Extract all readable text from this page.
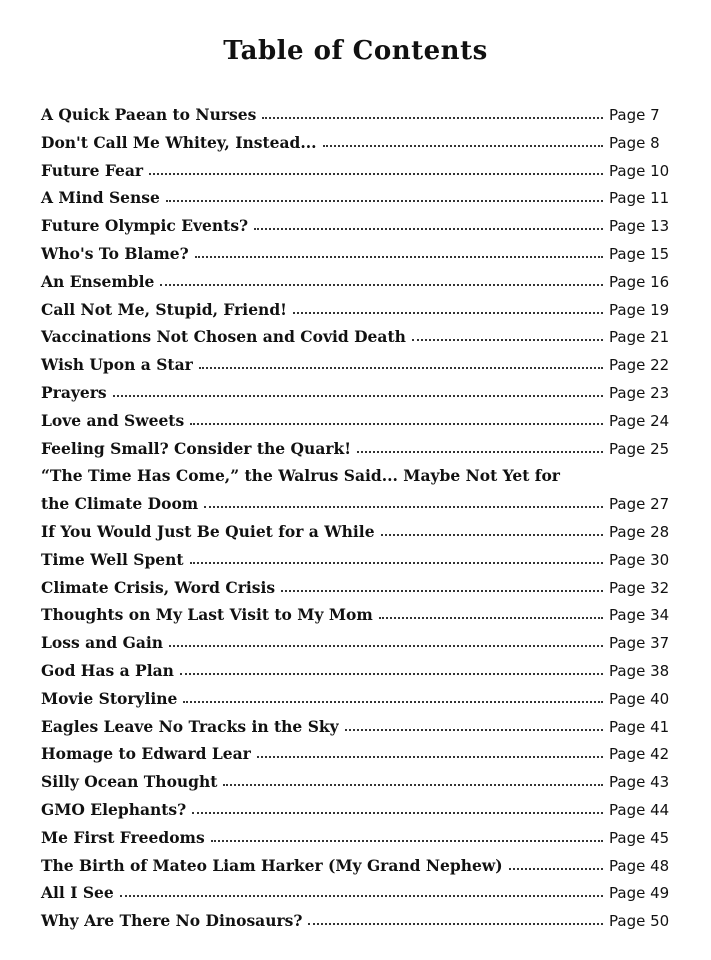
Table of Contents
A Quick Paean to Nurses	Page 7
Don't Call Me Whitey, Instead...	Page 8
Future Fear	Page 10
A Mind Sense	Page 11
Future Olympic Events?	Page 13
Who's To Blame?	Page 15
An Ensemble	Page 16
Call Not Me, Stupid, Friend!	Page 19
Vaccinations Not Chosen and Covid Death	Page 21
Wish Upon a Star	Page 22
Prayers	Page 23
Love and Sweets	Page 24
Feeling Small? Consider the Quark!	Page 25
“The Time Has Come,” the Walrus Said... Maybe Not Yet for
the Climate Doom	Page 27
If You Would Just Be Quiet for a While	Page 28
Time Well Spent	Page 30
Climate Crisis, Word Crisis	Page 32
Thoughts on My Last Visit to My Mom	Page 34
Loss and Gain	Page 37
God Has a Plan	Page 38
Movie Storyline	Page 40
Eagles Leave No Tracks in the Sky	Page 41
Homage to Edward Lear	Page 42
Silly Ocean Thought	Page 43
GMO Elephants?	Page 44
Me First Freedoms	Page 45
The Birth of Mateo Liam Harker (My Grand Nephew)	Page 48
All I See	Page 49
Why Are There No Dinosaurs?	Page 50
